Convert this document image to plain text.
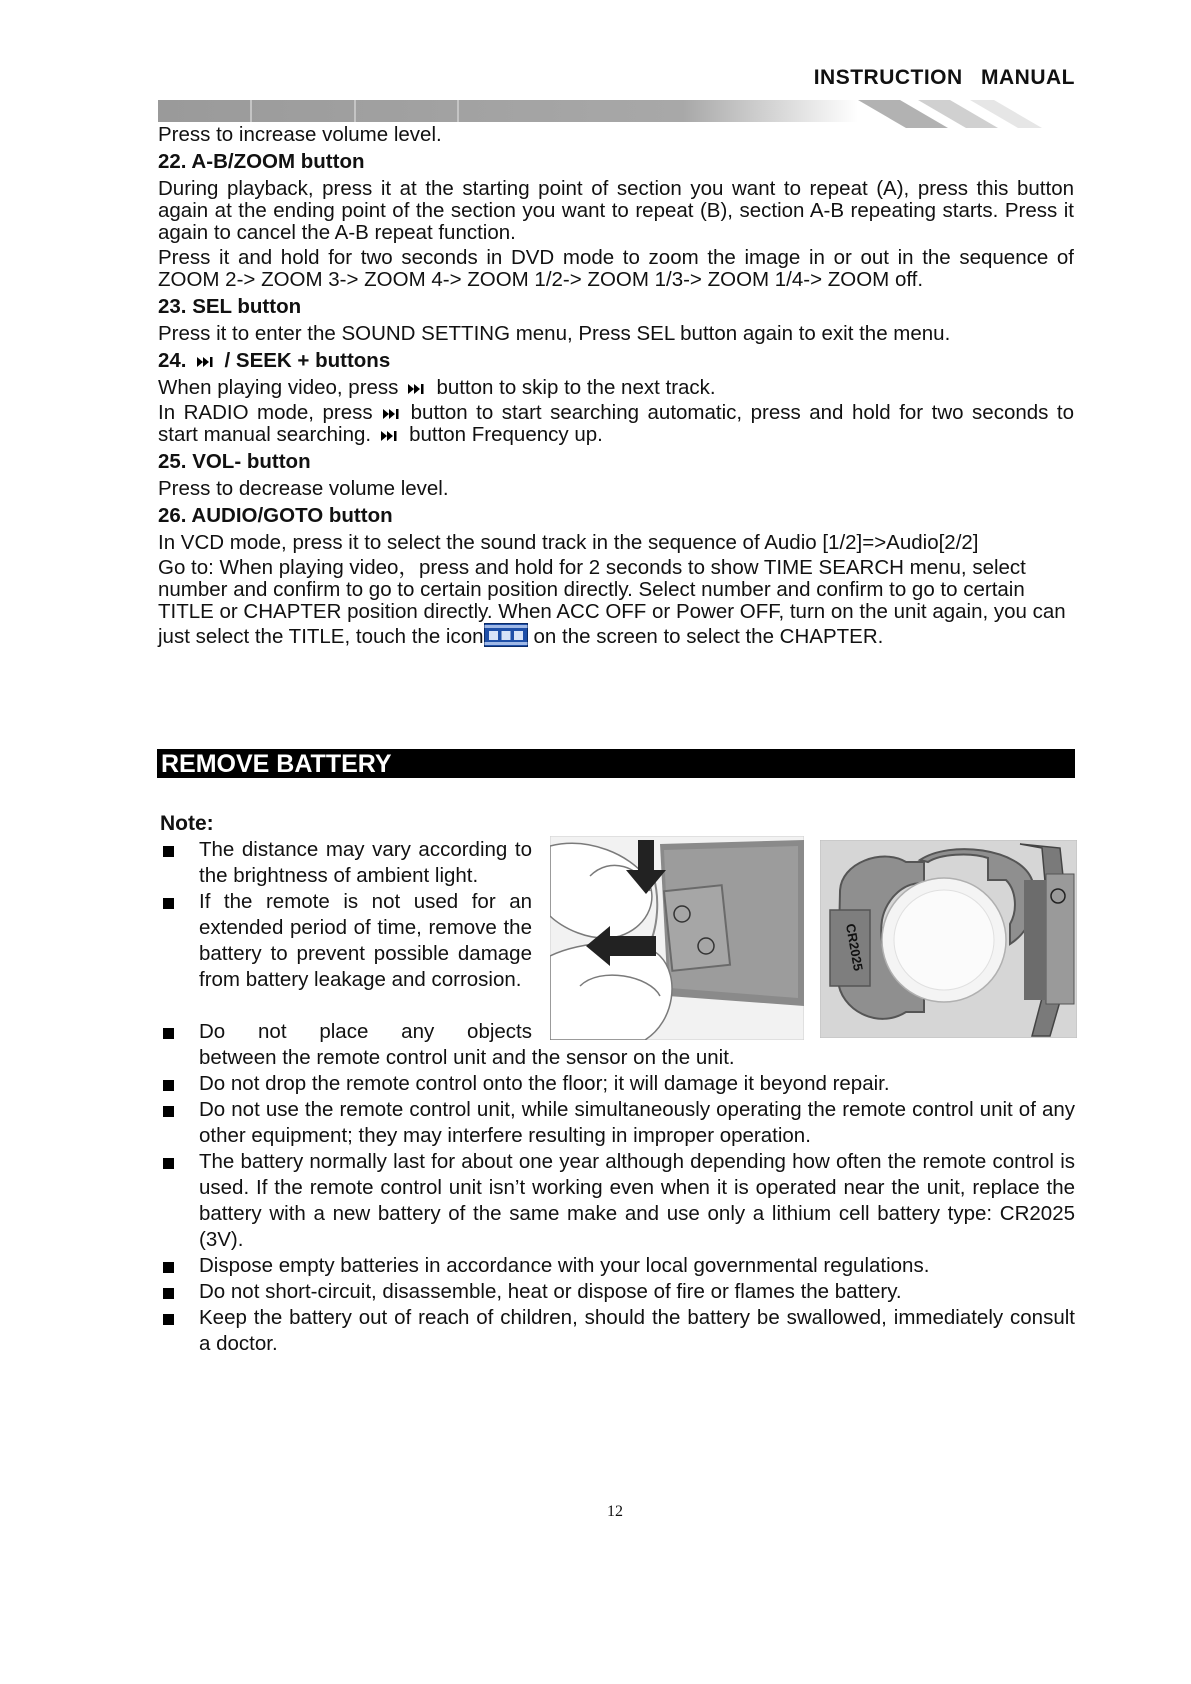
INSTRUCTION MANUAL

Press to increase volume level.

22. A-B/ZOOM button

During playback, press it at the starting point of section you want to repeat (A), press this button again at the ending point of the section you want to repeat (B), section A-B repeating starts. Press it again to cancel the A-B repeat function.

Press it and hold for two seconds in DVD mode to zoom the image in or out in the sequence of ZOOM 2-> ZOOM 3-> ZOOM 4-> ZOOM 1/2-> ZOOM 1/3-> ZOOM 1/4-> ZOOM off.

23. SEL button

Press it to enter the SOUND SETTING menu, Press SEL button again to exit the menu.

24. / SEEK + buttons

When playing video, press button to skip to the next track.

In RADIO mode, press button to start searching automatic, press and hold for two seconds to start manual searching. button Frequency up.

25. VOL- button

Press to decrease volume level.

26. AUDIO/GOTO button

In VCD mode, press it to select the sound track in the sequence of Audio [1/2]=>Audio[2/2]

Go to: When playing video，press and hold for 2 seconds to show TIME SEARCH menu, select number and confirm to go to certain position directly. Select number and confirm to go to certain TITLE or CHAPTER position directly. When ACC OFF or Power OFF, turn on the unit again, you can just select the TITLE, touch the icon on the screen to select the CHAPTER.

REMOVE BATTERY
Note:
CR2025
The distance may vary according to the brightness of ambient light.
If the remote is not used for an extended period of time, remove the battery to prevent possible damage from battery leakage and corrosion.
Do not place any objects
between the remote control unit and the sensor on the unit.
Do not drop the remote control onto the floor; it will damage it beyond repair.
Do not use the remote control unit, while simultaneously operating the remote control unit of any other equipment; they may interfere resulting in improper operation.
The battery normally last for about one year although depending how often the remote control is used. If the remote control unit isn’t working even when it is operated near the unit, replace the battery with a new battery of the same make and use only a lithium cell battery type: CR2025 (3V).
Dispose empty batteries in accordance with your local governmental regulations.
Do not short-circuit, disassemble, heat or dispose of fire or flames the battery.
Keep the battery out of reach of children, should the battery be swallowed, immediately consult a doctor.
12
